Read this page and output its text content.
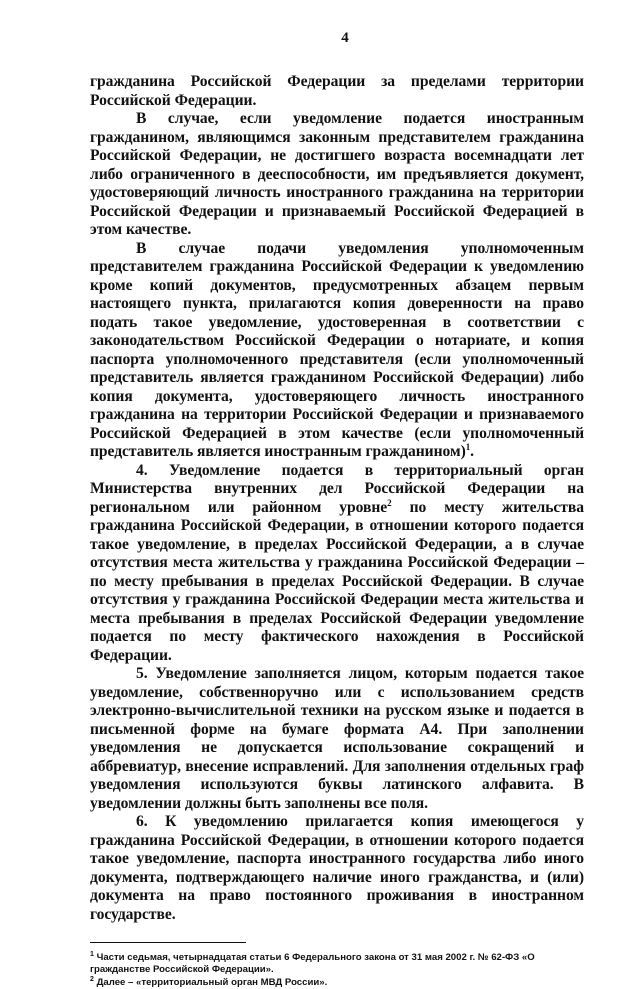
4

гражданина Российской Федерации за пределами территории Российской Федерации.

В случае, если уведомление подается иностранным гражданином, являющимся законным представителем гражданина Российской Федерации, не достигшего возраста восемнадцати лет либо ограниченного в дееспособности, им предъявляется документ, удостоверяющий личность иностранного гражданина на территории Российской Федерации и признаваемый Российской Федерацией в этом качестве.

В случае подачи уведомления уполномоченным представителем гражданина Российской Федерации к уведомлению кроме копий документов, предусмотренных абзацем первым настоящего пункта, прилагаются копия доверенности на право подать такое уведомление, удостоверенная в соответствии с законодательством Российской Федерации о нотариате, и копия паспорта уполномоченного представителя (если уполномоченный представитель является гражданином Российской Федерации) либо копия документа, удостоверяющего личность иностранного гражданина на территории Российской Федерации и признаваемого Российской Федерацией в этом качестве (если уполномоченный представитель является иностранным гражданином)$^1$.

4. Уведомление подается в территориальный орган Министерства внутренних дел Российской Федерации на региональном или районном уровне$^2$ по месту жительства гражданина Российской Федерации, в отношении которого подается такое уведомление, в пределах Российской Федерации, а в случае отсутствия места жительства у гражданина Российской Федерации – по месту пребывания в пределах Российской Федерации. В случае отсутствия у гражданина Российской Федерации места жительства и места пребывания в пределах Российской Федерации уведомление подается по месту фактического нахождения в Российской Федерации.

5. Уведомление заполняется лицом, которым подается такое уведомление, собственноручно или с использованием средств электронно-вычислительной техники на русском языке и подается в письменной форме на бумаге формата А4. При заполнении уведомления не допускается использование сокращений и аббревиатур, внесение исправлений. Для заполнения отдельных граф уведомления используются буквы латинского алфавита. В уведомлении должны быть заполнены все поля.

6. К уведомлению прилагается копия имеющегося у гражданина Российской Федерации, в отношении которого подается такое уведомление, паспорта иностранного государства либо иного документа, подтверждающего наличие иного гражданства, и (или) документа на право постоянного проживания в иностранном государстве.

$^1$ Части седьмая, четырнадцатая статьи 6 Федерального закона от 31 мая 2002 г. № 62-ФЗ «О гражданстве Российской Федерации».

$^2$ Далее – «территориальный орган МВД России».
